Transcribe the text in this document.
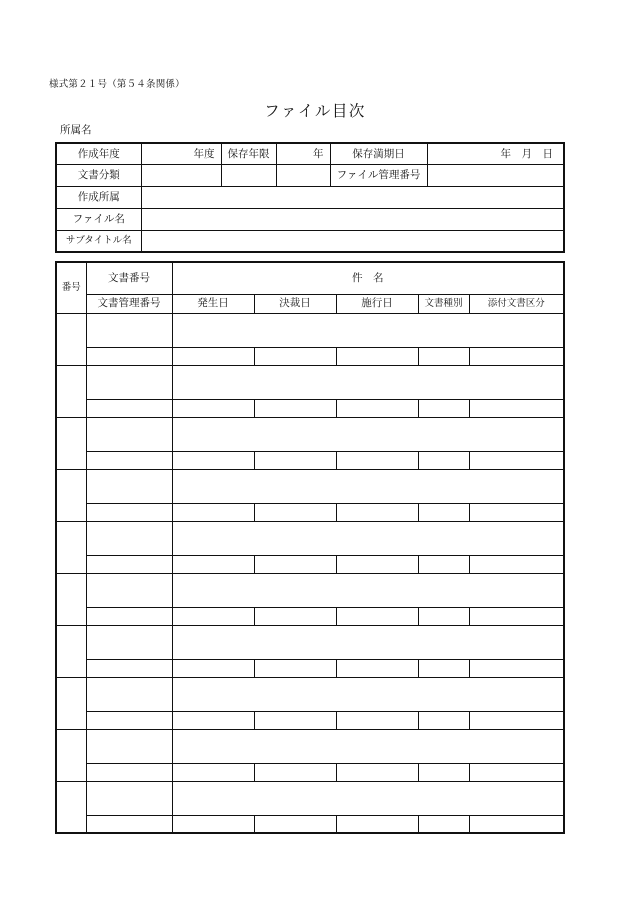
様式第２１号（第５４条関係）
ファイル目次
所属名
作成年度	年度	保存年限	年	保存満期日	年　月　日
文書分類				ファイル管理番号	
作成所属					
ファイル名					
サブタイトル名					
番号	文書番号	件　名				
	文書管理番号	発生日	決裁日	施行日	文書種別	添付文書区分
